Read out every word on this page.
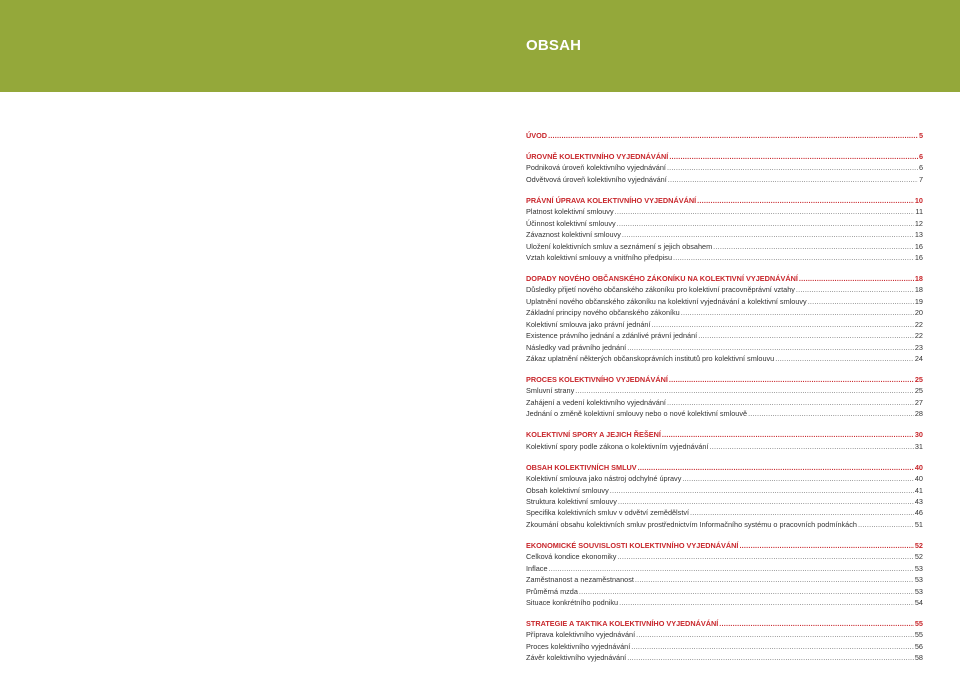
OBSAH
ÚVOD .....	5
ÚROVNĚ KOLEKTIVNÍHO VYJEDNÁVÁNÍ .....	6
Podniková úroveň kolektivního vyjednávání .....	6
Odvětvová úroveň kolektivního vyjednávání .....	7
PRÁVNÍ ÚPRAVA KOLEKTIVNÍHO VYJEDNÁVÁNÍ .....	10
Platnost kolektivní smlouvy .....	11
Účinnost kolektivní smlouvy .....	12
Závaznost kolektivní smlouvy .....	13
Uložení kolektivních smluv a seznámení s jejich obsahem .....	16
Vztah kolektivní smlouvy a vnitřního předpisu .....	16
DOPADY NOVÉHO OBČANSKÉHO ZÁKONÍKU NA KOLEKTIVNÍ VYJEDNÁVÁNÍ .....	18
Důsledky přijetí nového občanského zákoníku pro kolektivní pracovněprávní vztahy .....	18
Uplatnění nového občanského zákoníku na kolektivní vyjednávání a kolektivní smlouvy .....	19
Základní principy nového občanského zákoníku .....	20
Kolektivní smlouva jako právní jednání .....	22
Existence právního jednání a zdánlivé právní jednání .....	22
Následky vad právního jednání .....	23
Zákaz uplatnění některých občanskoprávních institutů pro kolektivní smlouvu .....	24
PROCES KOLEKTIVNÍHO VYJEDNÁVÁNÍ .....	25
Smluvní strany .....	25
Zahájení a vedení kolektivního vyjednávání .....	27
Jednání o změně kolektivní smlouvy nebo o nové kolektivní smlouvě .....	28
KOLEKTIVNÍ SPORY A JEJICH ŘEŠENÍ .....	30
Kolektivní spory podle zákona o kolektivním vyjednávání .....	31
OBSAH KOLEKTIVNÍCH SMLUV .....	40
Kolektivní smlouva jako nástroj odchylné úpravy .....	40
Obsah kolektivní smlouvy .....	41
Struktura kolektivní smlouvy .....	43
Specifika kolektivních smluv v odvětví zemědělství .....	46
Zkoumání obsahu kolektivních smluv prostřednictvím Informačního systému o pracovních podmínkách .....	51
EKONOMICKÉ SOUVISLOSTI KOLEKTIVNÍHO VYJEDNÁVÁNÍ .....	52
Celková kondice ekonomiky .....	52
Inflace .....	53
Zaměstnanost a nezaměstnanost .....	53
Průměrná mzda .....	53
Situace konkrétního podniku .....	54
STRATEGIE A TAKTIKA KOLEKTIVNÍHO VYJEDNÁVÁNÍ .....	55
Příprava kolektivního vyjednávání .....	55
Proces kolektivního vyjednávání .....	56
Závěr kolektivního vyjednávání .....	58
